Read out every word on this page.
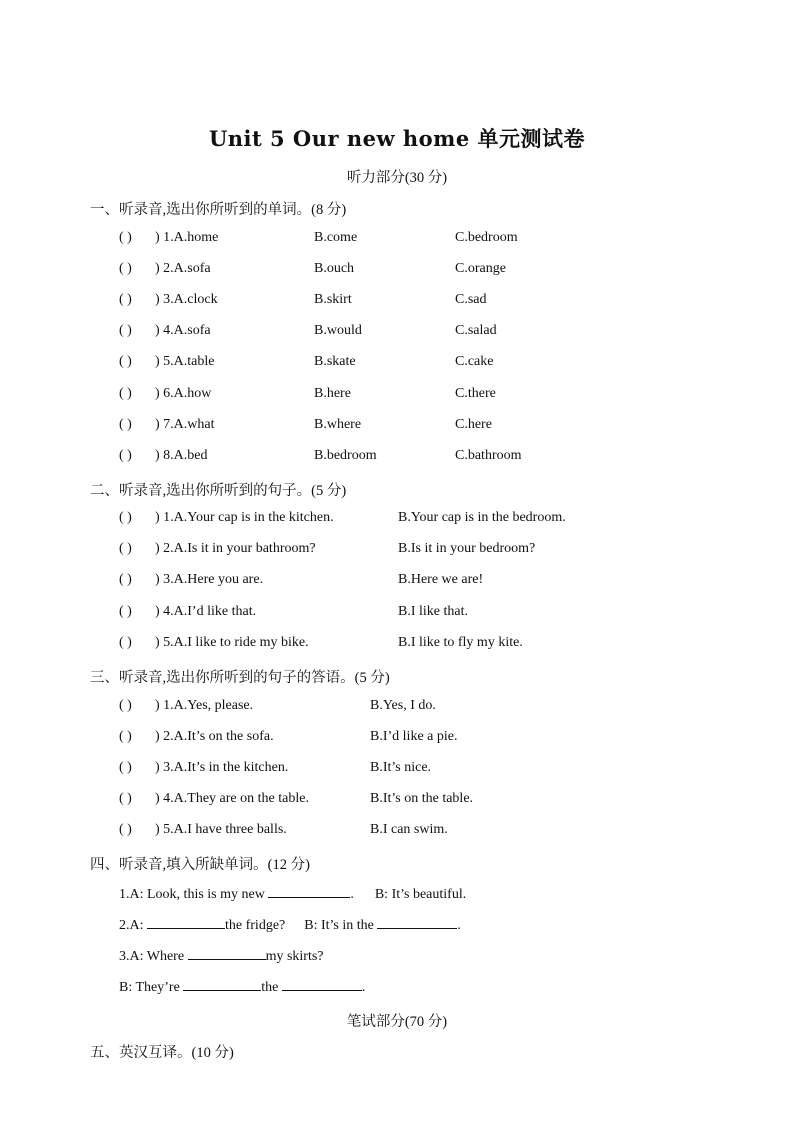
Unit 5 Our new home 单元测试卷
听力部分(30 分)
一、听录音,选出你所听到的单词。(8 分)
( ) ) 1.A.home	B.come	C.bedroom
( ) ) 2.A.sofa	B.ouch	C.orange
( ) ) 3.A.clock	B.skirt	C.sad
( ) ) 4.A.sofa	B.would	C.salad
( ) ) 5.A.table	B.skate	C.cake
( ) ) 6.A.how	B.here	C.there
( ) ) 7.A.what	B.where	C.here
( ) ) 8.A.bed	B.bedroom	C.bathroom
二、听录音,选出你所听到的句子。(5 分)
( ) ) 1.A.Your cap is in the kitchen.	B.Your cap is in the bedroom.
( ) ) 2.A.Is it in your bathroom?	B.Is it in your bedroom?
( ) ) 3.A.Here you are.	B.Here we are!
( ) ) 4.A.I’d like that.	B.I like that.
( ) ) 5.A.I like to ride my bike.	B.I like to fly my kite.
三、听录音,选出你所听到的句子的答语。(5 分)
( ) ) 1.A.Yes, please.	B.Yes, I do.
( ) ) 2.A.It’s on the sofa.	B.I’d like a pie.
( ) ) 3.A.It’s in the kitchen.	B.It’s nice.
( ) ) 4.A.They are on the table.	B.It’s on the table.
( ) ) 5.A.I have three balls.	B.I can swim.
四、听录音,填入所缺单词。(12 分)
1.A: Look, this is my new	. B: It’s beautiful.
2.A:	the fridge? B: It’s in the	.
3.A: Where	my skirts?
B: They’re	the	.
笔试部分(70 分)
五、英汉互译。(10 分)
